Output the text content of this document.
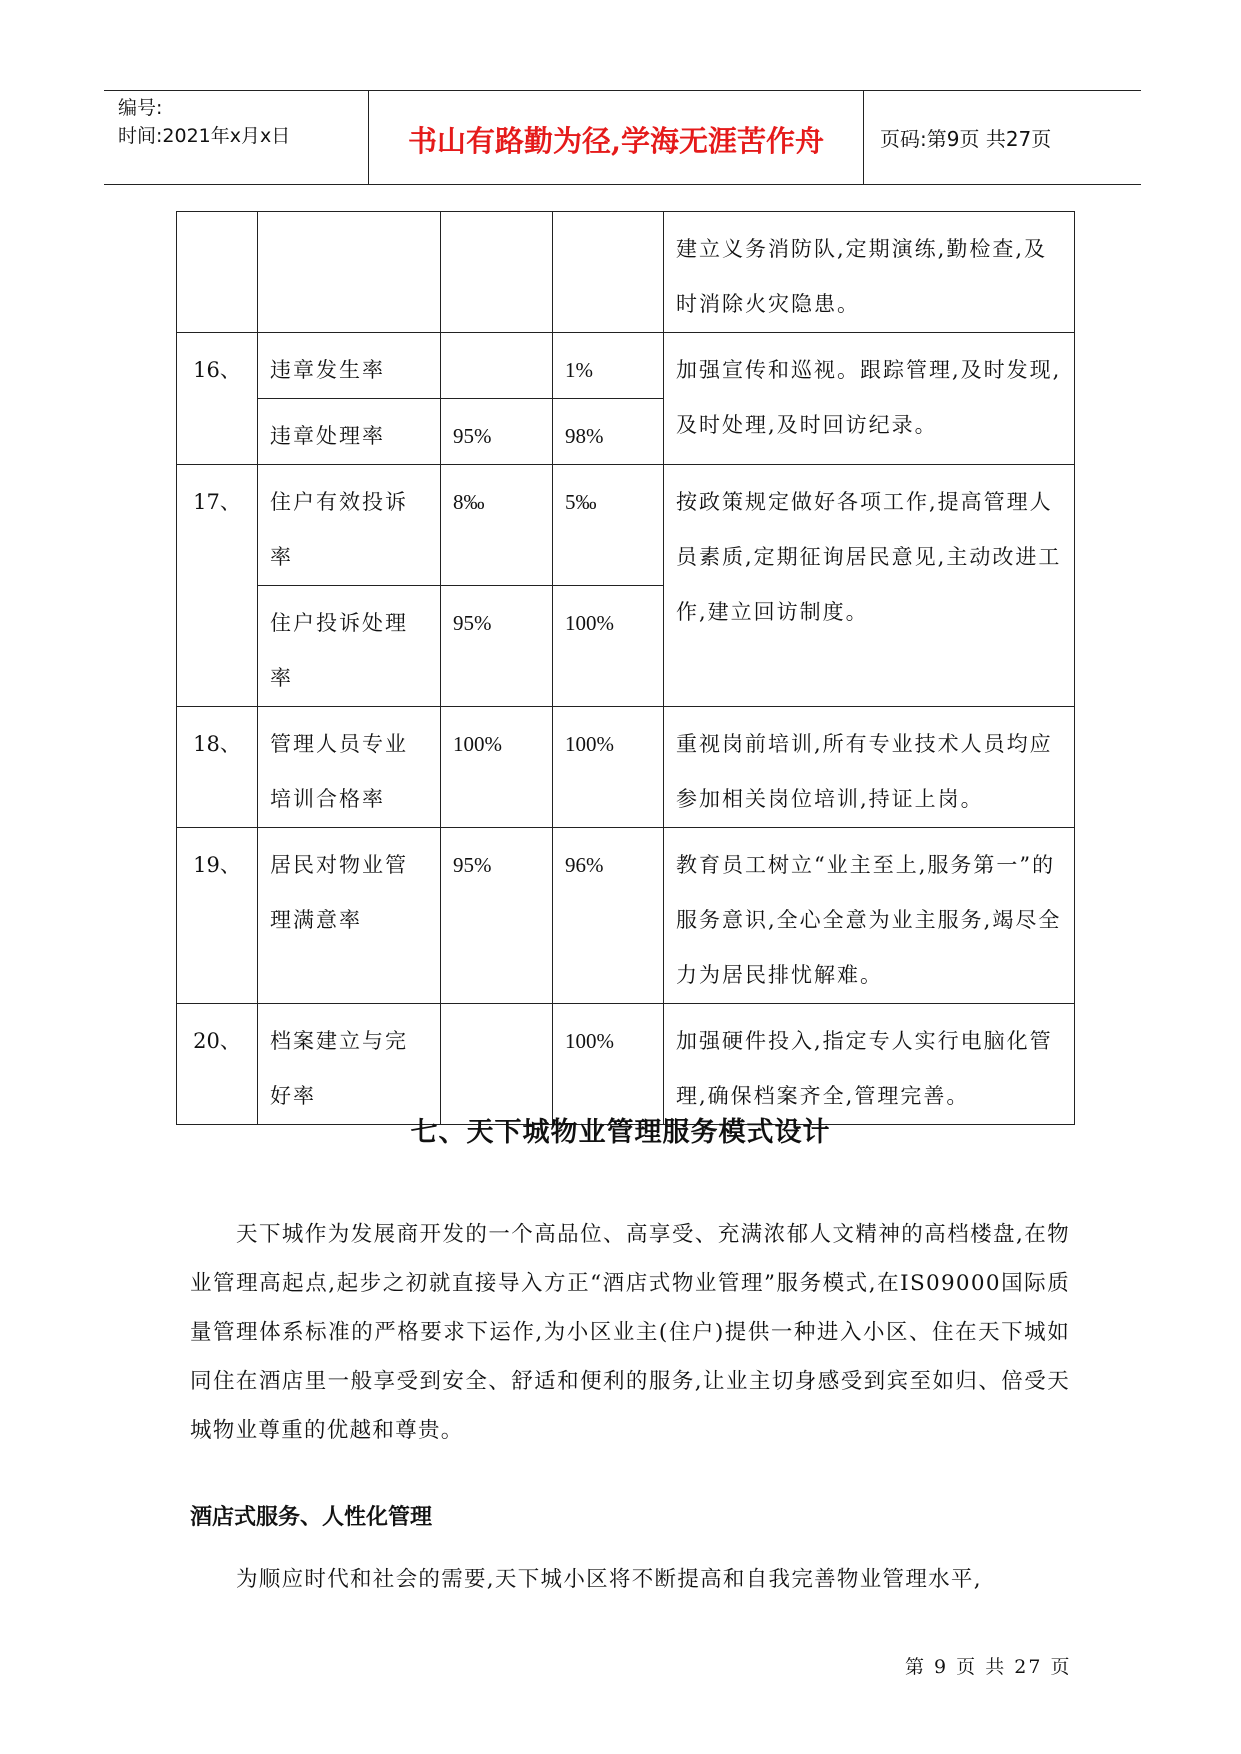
编号:
时间:2021年x月x日	书山有路勤为径,学海无涯苦作舟	页码:第9页 共27页
				建立义务消防队,定期演练,勤检查,及时消除火灾隐患。
16、	违章发生率		1%	加强宣传和巡视。跟踪管理,及时发现,及时处理,及时回访纪录。
	违章处理率	95%	98%	
17、	住户有效投诉率	8‰	5‰	按政策规定做好各项工作,提高管理人员素质,定期征询居民意见,主动改进工作,建立回访制度。
	住户投诉处理率	95%	100%	
18、	管理人员专业培训合格率	100%	100%	重视岗前培训,所有专业技术人员均应参加相关岗位培训,持证上岗。
19、	居民对物业管理满意率	95%	96%	教育员工树立“业主至上,服务第一”的服务意识,全心全意为业主服务,竭尽全力为居民排忧解难。
20、	档案建立与完好率		100%	加强硬件投入,指定专人实行电脑化管理,确保档案齐全,管理完善。
七、天下城物业管理服务模式设计
天下城作为发展商开发的一个高品位、高享受、充满浓郁人文精神的高档楼盘,在物业管理高起点,起步之初就直接导入方正“酒店式物业管理”服务模式,在IS09000国际质量管理体系标准的严格要求下运作,为小区业主(住户)提供一种进入小区、住在天下城如同住在酒店里一般享受到安全、舒适和便利的服务,让业主切身感受到宾至如归、倍受天城物业尊重的优越和尊贵。
酒店式服务、人性化管理
为顺应时代和社会的需要,天下城小区将不断提高和自我完善物业管理水平,
第 9 页 共 27 页
